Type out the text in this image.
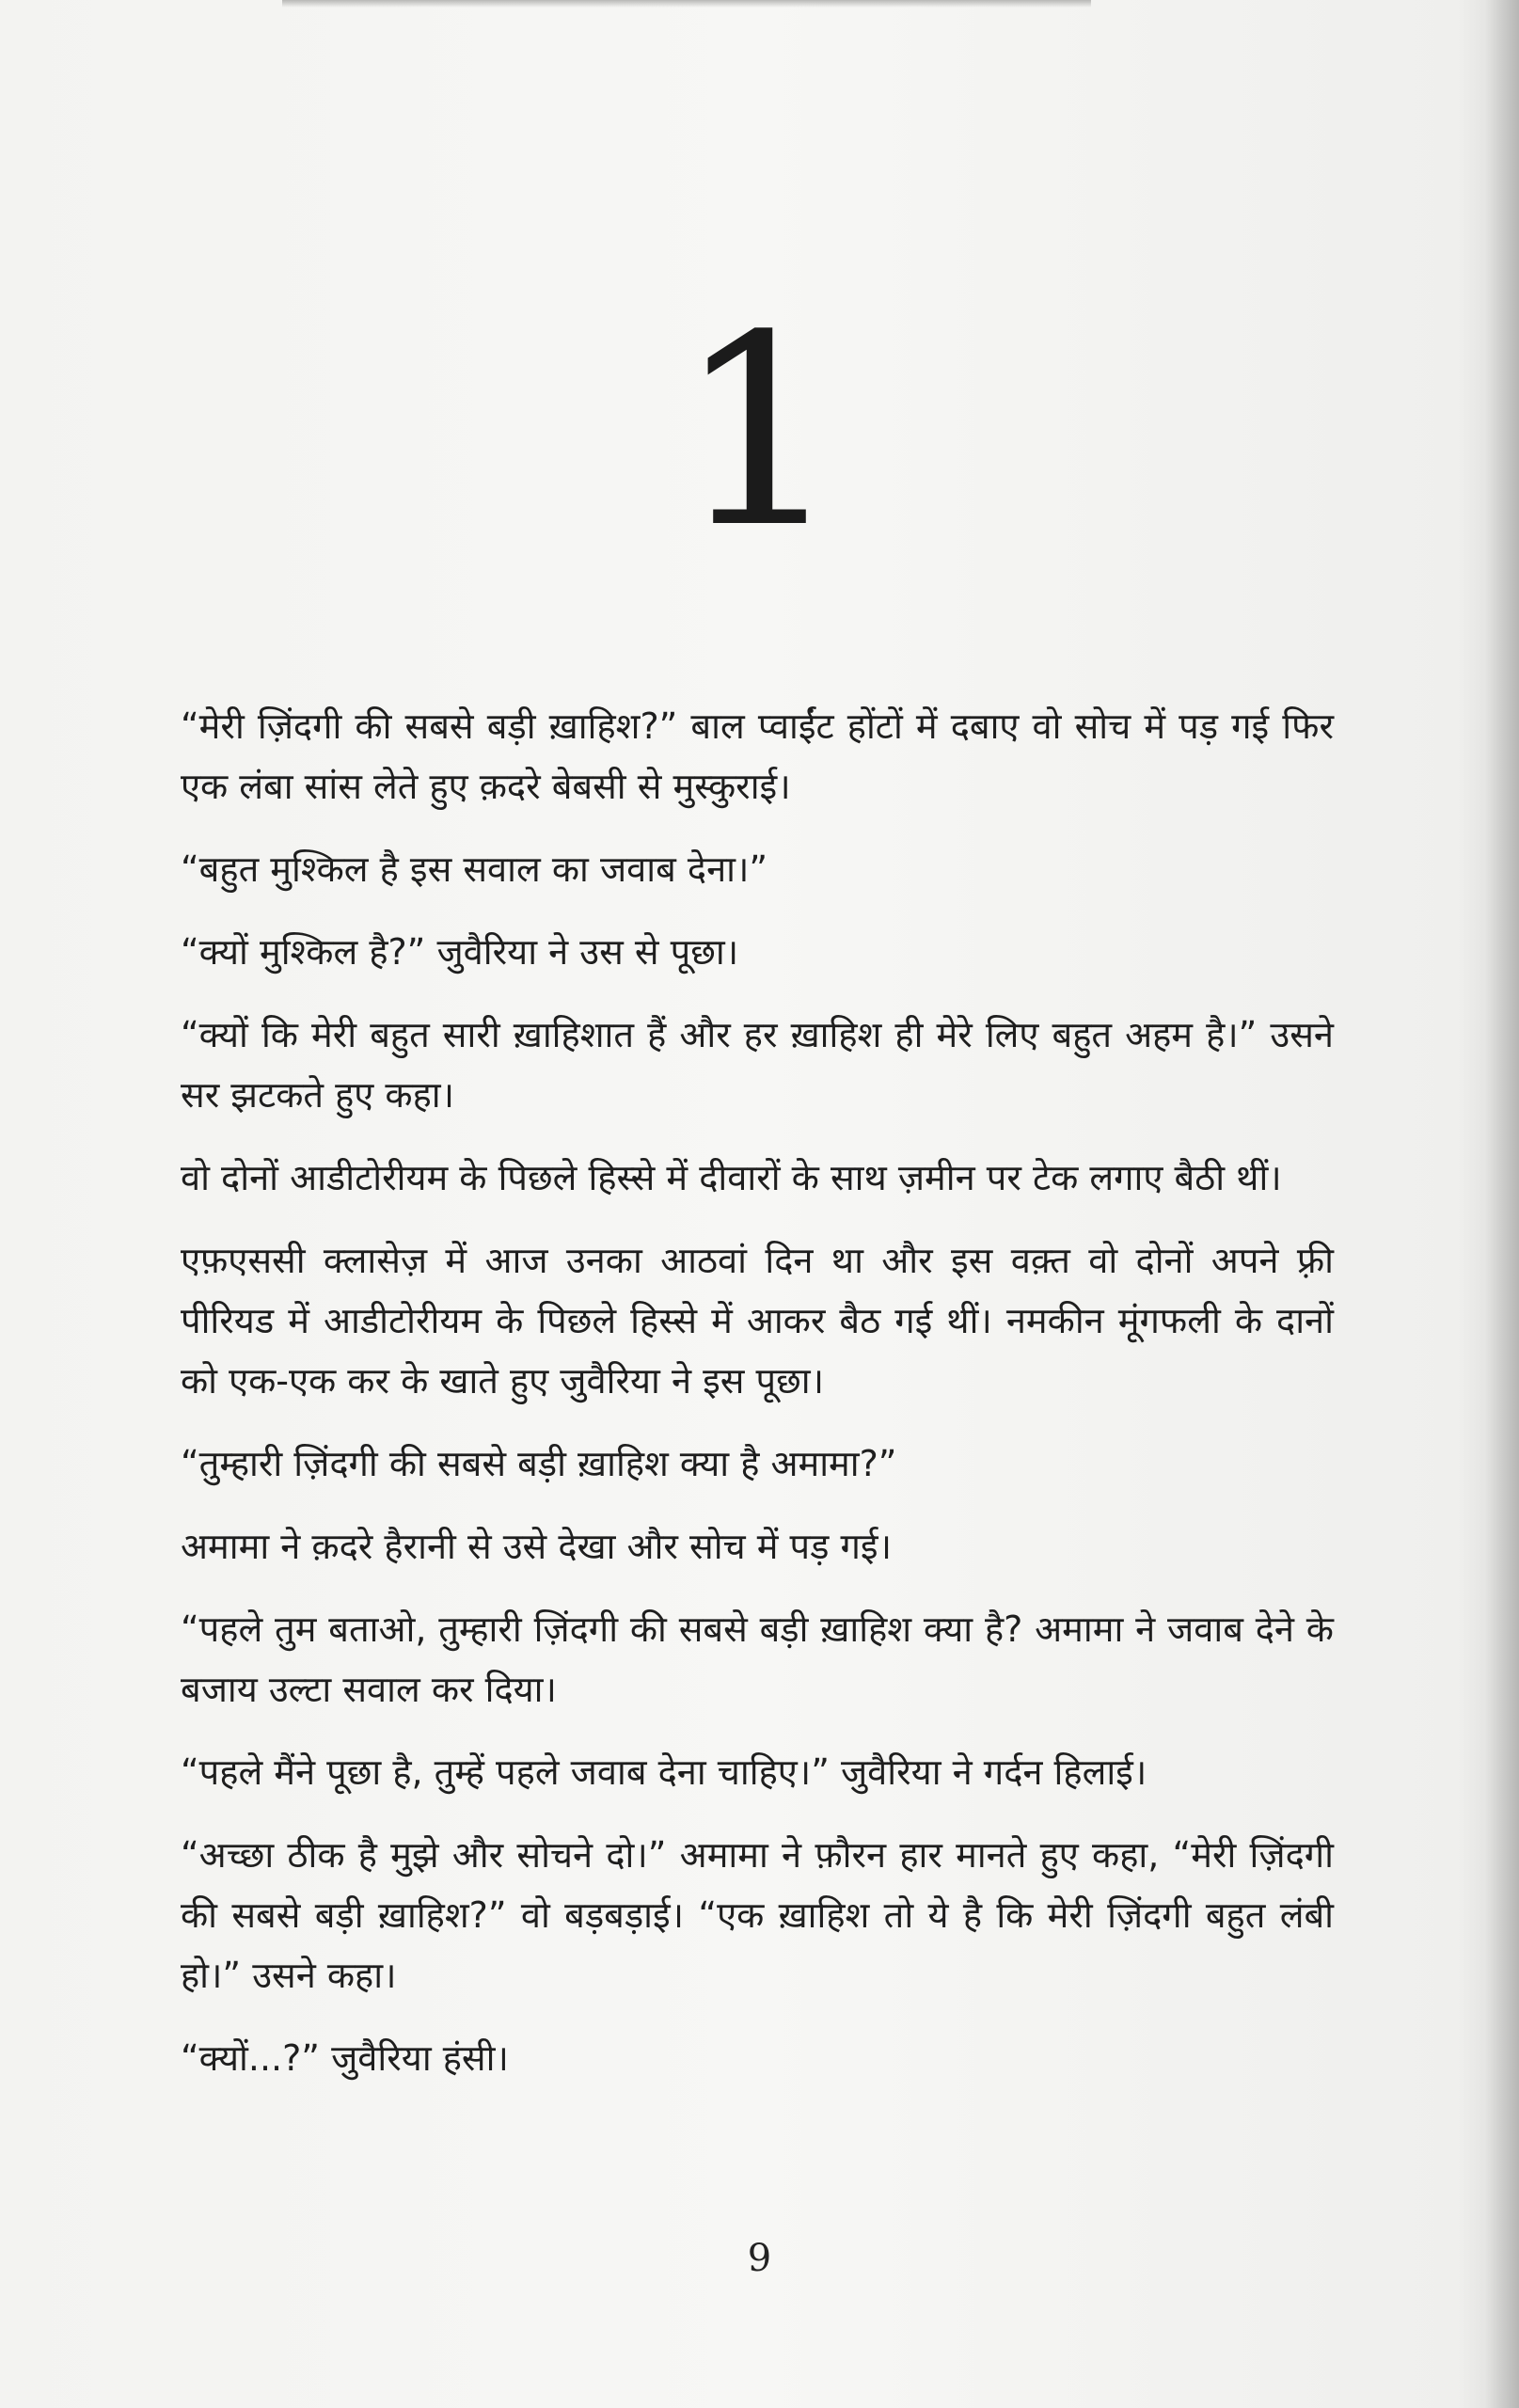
1

“मेरी ज़िंदगी की सबसे बड़ी ख़ाहिश?” बाल प्वाईंट होंटों में दबाए वो सोच में पड़ गई फिर एक लंबा सांस लेते हुए क़दरे बेबसी से मुस्कुराई।

“बहुत मुश्किल है इस सवाल का जवाब देना।”

“क्यों मुश्किल है?” जुवैरिया ने उस से पूछा।

“क्यों कि मेरी बहुत सारी ख़ाहिशात हैं और हर ख़ाहिश ही मेरे लिए बहुत अहम है।” उसने सर झटकते हुए कहा।

वो दोनों आडीटोरीयम के पिछले हिस्से में दीवारों के साथ ज़मीन पर टेक लगाए बैठी थीं।

एफ़एससी क्लासेज़ में आज उनका आठवां दिन था और इस वक़्त वो दोनों अपने फ़्री पीरियड में आडीटोरीयम के पिछले हिस्से में आकर बैठ गई थीं। नमकीन मूंगफली के दानों को एक-एक कर के खाते हुए जुवैरिया ने इस पूछा।

“तुम्हारी ज़िंदगी की सबसे बड़ी ख़ाहिश क्या है अमामा?”

अमामा ने क़दरे हैरानी से उसे देखा और सोच में पड़ गई।

“पहले तुम बताओ, तुम्हारी ज़िंदगी की सबसे बड़ी ख़ाहिश क्या है? अमामा ने जवाब देने के बजाय उल्टा सवाल कर दिया।

“पहले मैंने पूछा है, तुम्हें पहले जवाब देना चाहिए।” जुवैरिया ने गर्दन हिलाई।

“अच्छा ठीक है मुझे और सोचने दो।” अमामा ने फ़ौरन हार मानते हुए कहा, “मेरी ज़िंदगी की सबसे बड़ी ख़ाहिश?” वो बड़बड़ाई। “एक ख़ाहिश तो ये है कि मेरी ज़िंदगी बहुत लंबी हो।” उसने कहा।

“क्यों...?” जुवैरिया हंसी।

9
